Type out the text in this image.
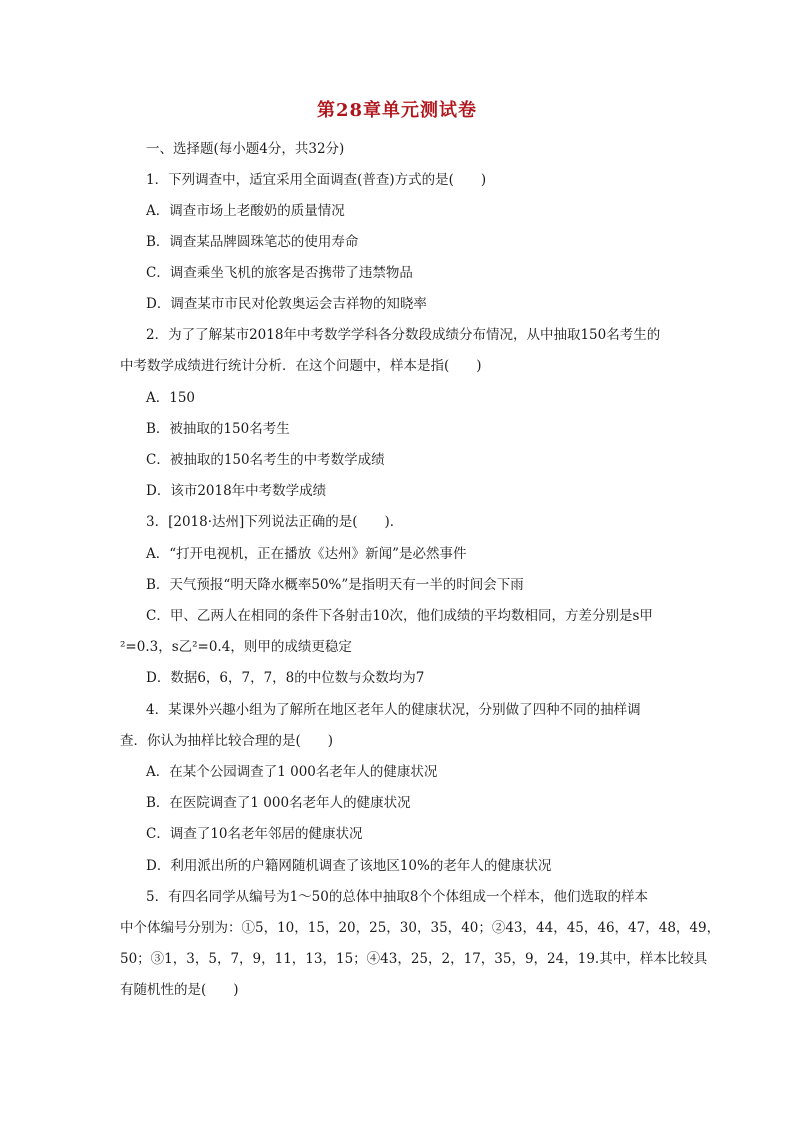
第28章单元测试卷
一、选择题(每小题4分，共32分)
1．下列调查中，适宜采用全面调查(普查)方式的是(　　)
A．调查市场上老酸奶的质量情况
B．调查某品牌圆珠笔芯的使用寿命
C．调查乘坐飞机的旅客是否携带了违禁物品
D．调查某市市民对伦敦奥运会吉祥物的知晓率
2．为了了解某市2018年中考数学学科各分数段成绩分布情况，从中抽取150名考生的
中考数学成绩进行统计分析．在这个问题中，样本是指(　　)
A．150
B．被抽取的150名考生
C．被抽取的150名考生的中考数学成绩
D．该市2018年中考数学成绩
3．[2018·达州]下列说法正确的是(　　)．
A．“打开电视机，正在播放《达州》新闻”是必然事件
B．天气预报“明天降水概率50%”是指明天有一半的时间会下雨
C．甲、乙两人在相同的条件下各射击10次，他们成绩的平均数相同，方差分别是s甲
²=0.3，s乙²=0.4，则甲的成绩更稳定
D．数据6，6，7，7，8的中位数与众数均为7
4．某课外兴趣小组为了解所在地区老年人的健康状况，分别做了四种不同的抽样调
查．你认为抽样比较合理的是(　　)
A．在某个公园调查了1 000名老年人的健康状况
B．在医院调查了1 000名老年人的健康状况
C．调查了10名老年邻居的健康状况
D．利用派出所的户籍网随机调查了该地区10%的老年人的健康状况
5．有四名同学从编号为1～50的总体中抽取8个个体组成一个样本，他们选取的样本
中个体编号分别为：①5，10，15，20，25，30，35，40；②43，44，45，46，47，48，49，
50；③1，3，5，7，9，11，13，15；④43，25，2，17，35，9，24，19.其中，样本比较具
有随机性的是(　　)
